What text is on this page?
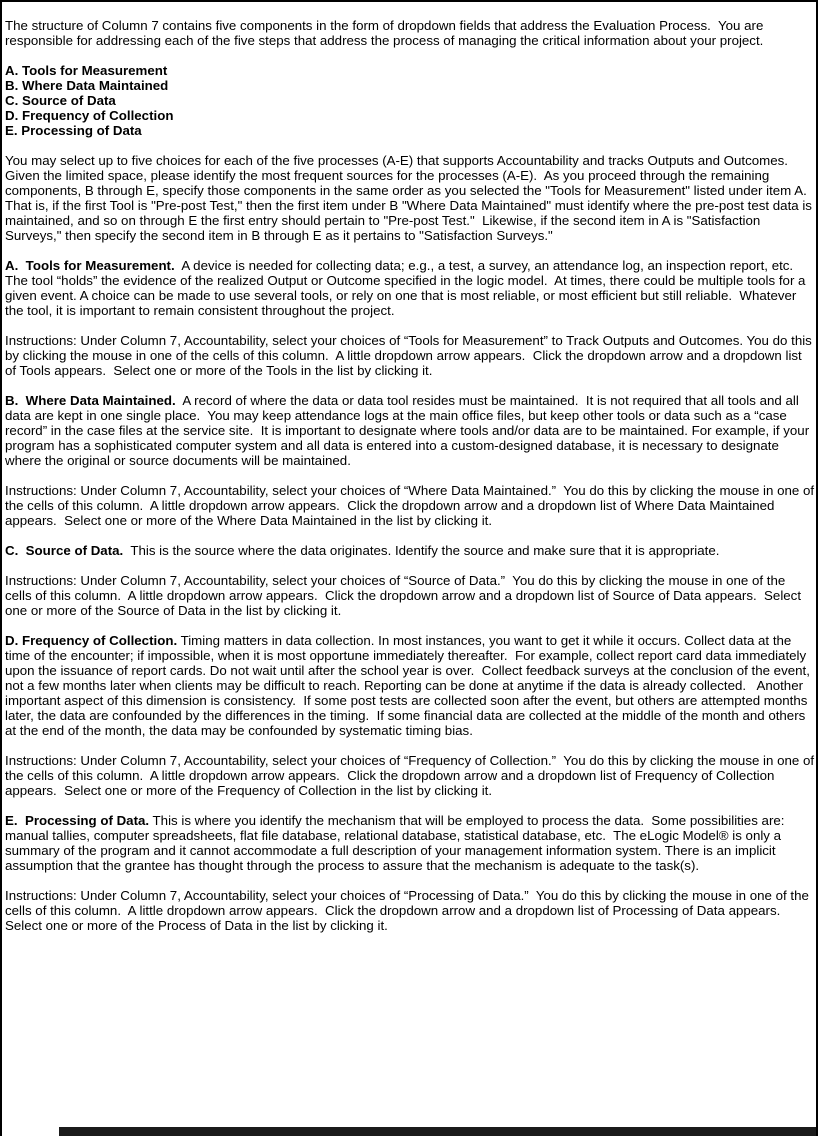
The structure of Column 7 contains five components in the form of dropdown fields that address the Evaluation Process.  You are responsible for addressing each of the five steps that address the process of managing the critical information about your project.

A. Tools for Measurement
B. Where Data Maintained
C. Source of Data
D. Frequency of Collection
E. Processing of Data

You may select up to five choices for each of the five processes (A-E) that supports Accountability and tracks Outputs and Outcomes.  Given the limited space, please identify the most frequent sources for the processes (A-E).  As you proceed through the remaining components, B through E, specify those components in the same order as you selected the "Tools for Measurement" listed under item A.  That is, if the first Tool is "Pre-post Test," then the first item under B "Where Data Maintained" must identify where the pre-post test data is maintained, and so on through E the first entry should pertain to "Pre-post Test."  Likewise, if the second item in A is "Satisfaction Surveys," then specify the second item in B through E as it pertains to "Satisfaction Surveys."

A.  Tools for Measurement.  A device is needed for collecting data; e.g., a test, a survey, an attendance log, an inspection report, etc. The tool “holds” the evidence of the realized Output or Outcome specified in the logic model.  At times, there could be multiple tools for a given event. A choice can be made to use several tools, or rely on one that is most reliable, or most efficient but still reliable.  Whatever the tool, it is important to remain consistent throughout the project.

Instructions: Under Column 7, Accountability, select your choices of “Tools for Measurement” to Track Outputs and Outcomes. You do this by clicking the mouse in one of the cells of this column.  A little dropdown arrow appears.  Click the dropdown arrow and a dropdown list of Tools appears.  Select one or more of the Tools in the list by clicking it.

B.  Where Data Maintained.  A record of where the data or data tool resides must be maintained.  It is not required that all tools and all data are kept in one single place.  You may keep attendance logs at the main office files, but keep other tools or data such as a “case record” in the case files at the service site.  It is important to designate where tools and/or data are to be maintained. For example, if your program has a sophisticated computer system and all data is entered into a custom-designed database, it is necessary to designate where the original or source documents will be maintained.

Instructions: Under Column 7, Accountability, select your choices of “Where Data Maintained.”  You do this by clicking the mouse in one of the cells of this column.  A little dropdown arrow appears.  Click the dropdown arrow and a dropdown list of Where Data Maintained appears.  Select one or more of the Where Data Maintained in the list by clicking it.

C.  Source of Data.  This is the source where the data originates. Identify the source and make sure that it is appropriate.

Instructions: Under Column 7, Accountability, select your choices of “Source of Data.”  You do this by clicking the mouse in one of the cells of this column.  A little dropdown arrow appears.  Click the dropdown arrow and a dropdown list of Source of Data appears.  Select one or more of the Source of Data in the list by clicking it.

D. Frequency of Collection. Timing matters in data collection. In most instances, you want to get it while it occurs. Collect data at the time of the encounter; if impossible, when it is most opportune immediately thereafter.  For example, collect report card data immediately upon the issuance of report cards. Do not wait until after the school year is over.  Collect feedback surveys at the conclusion of the event, not a few months later when clients may be difficult to reach. Reporting can be done at anytime if the data is already collected.   Another important aspect of this dimension is consistency.  If some post tests are collected soon after the event, but others are attempted months later, the data are confounded by the differences in the timing.  If some financial data are collected at the middle of the month and others at the end of the month, the data may be confounded by systematic timing bias.

Instructions: Under Column 7, Accountability, select your choices of “Frequency of Collection.”  You do this by clicking the mouse in one of the cells of this column.  A little dropdown arrow appears.  Click the dropdown arrow and a dropdown list of Frequency of Collection appears.  Select one or more of the Frequency of Collection in the list by clicking it.

E.  Processing of Data. This is where you identify the mechanism that will be employed to process the data.  Some possibilities are: manual tallies, computer spreadsheets, flat file database, relational database, statistical database, etc.  The eLogic Model® is only a summary of the program and it cannot accommodate a full description of your management information system. There is an implicit assumption that the grantee has thought through the process to assure that the mechanism is adequate to the task(s).

Instructions: Under Column 7, Accountability, select your choices of “Processing of Data.”  You do this by clicking the mouse in one of the cells of this column.  A little dropdown arrow appears.  Click the dropdown arrow and a dropdown list of Processing of Data appears.  Select one or more of the Process of Data in the list by clicking it.
